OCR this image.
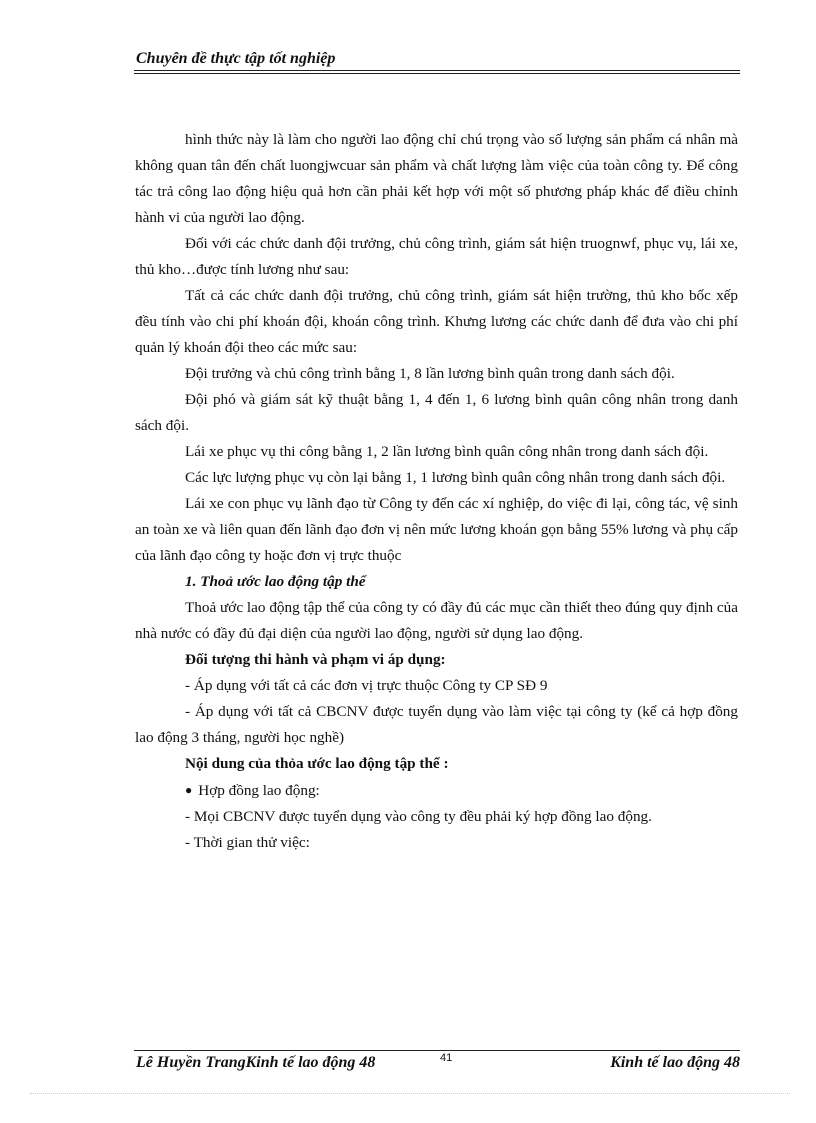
Chuyên đề thực tập tốt nghiệp

hình thức này là làm cho người lao động chỉ chú trọng vào số lượng sản phẩm cá nhân mà không quan tân đến chất luongjwcuar sản phẩm và chất lượng làm việc của toàn công ty. Để công tác trả công lao động hiệu quả hơn cần phải kết hợp với một số phương pháp khác để điều chỉnh hành vi của người lao động.

Đối với các chức danh đội trưởng, chủ công trình, giám sát hiện truognwf, phục vụ, lái xe, thủ kho…được tính lương như sau:

Tất cả các chức danh đội trưởng, chủ công trình, giám sát hiện trường, thủ kho bốc xếp đều tính vào chi phí khoán đội, khoán công trình. Khưng lương các chức danh để đưa vào chi phí quản lý khoán đội theo các mức sau:

Đội trưởng và chủ công trình bằng 1, 8 lần lương bình quân trong danh sách đội.

Đội phó và giám sát kỹ thuật bằng 1, 4 đến 1, 6 lương bình quân công nhân trong danh sách đội.

Lái xe phục vụ thi công bằng 1, 2 lần lương bình quân công nhân trong danh sách đội.

Các lực lượng phục vụ còn lại bằng 1, 1 lương bình quân công nhân trong danh sách đội.

Lái xe con phục vụ lãnh đạo từ Công ty đến các xí nghiệp, do việc đi lại, công tác, vệ sinh an toàn xe và liên quan đến lãnh đạo đơn vị nên mức lương khoán gọn bằng 55% lương và phụ cấp của lãnh đạo công ty hoặc đơn vị trực thuộc

1. Thoả ước lao động tập thể

Thoả ước lao động tập thể của công ty có đầy đủ các mục cần thiết theo đúng quy định của nhà nước có đầy đủ đại diện của người lao động, người sử dụng lao động.

Đối tượng thi hành và phạm vi áp dụng:

- Áp dụng với tất cả các đơn vị trực thuộc Công ty CP SĐ 9

- Áp dụng với tất cả CBCNV được tuyển dụng vào làm việc tại công ty (kể cả hợp đồng lao động 3 tháng, người học nghề)

Nội dung của thỏa ước lao động tập thể :

● Hợp đồng lao động:

- Mọi CBCNV được tuyển dụng vào công ty đều phải ký hợp đồng lao động.

- Thời gian thử việc:

Lê Huyền TrangKinh tế lao động 48	41	Kinh tế lao động 48
